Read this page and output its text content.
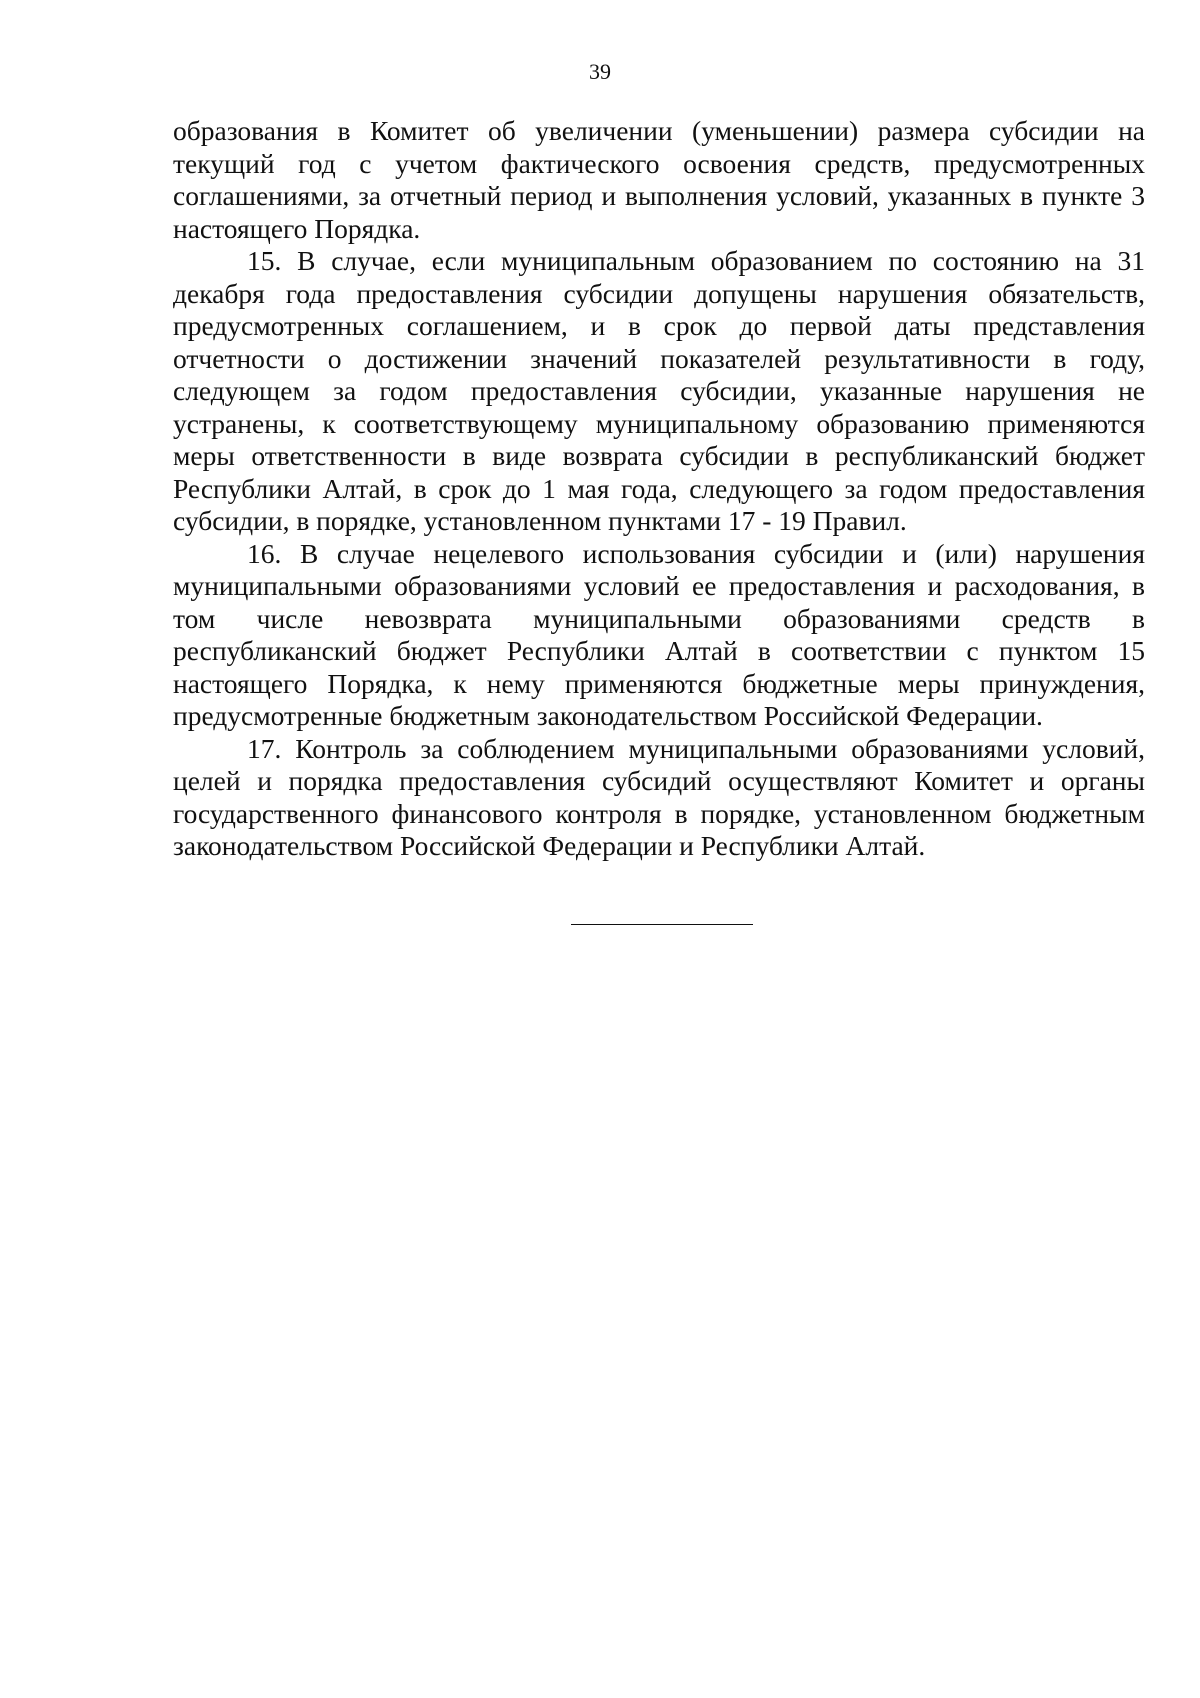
39

образования в Комитет об увеличении (уменьшении) размера субсидии на текущий год с учетом фактического освоения средств, предусмотренных соглашениями, за отчетный период и выполнения условий, указанных в пункте 3 настоящего Порядка.

15. В случае, если муниципальным образованием по состоянию на 31 декабря года предоставления субсидии допущены нарушения обязательств, предусмотренных соглашением, и в срок до первой даты представления отчетности о достижении значений показателей результативности в году, следующем за годом предоставления субсидии, указанные нарушения не устранены, к соответствующему муниципальному образованию применяются меры ответственности в виде возврата субсидии в республиканский бюджет Республики Алтай, в срок до 1 мая года, следующего за годом предоставления субсидии, в порядке, установленном пунктами 17 - 19 Правил.

16. В случае нецелевого использования субсидии и (или) нарушения муниципальными образованиями условий ее предоставления и расходования, в том числе невозврата муниципальными образованиями средств в республиканский бюджет Республики Алтай в соответствии с пунктом 15 настоящего Порядка, к нему применяются бюджетные меры принуждения, предусмотренные бюджетным законодательством Российской Федерации.

17. Контроль за соблюдением муниципальными образованиями условий, целей и порядка предоставления субсидий осуществляют Комитет и органы государственного финансового контроля в порядке, установленном бюджетным законодательством Российской Федерации и Республики Алтай.
